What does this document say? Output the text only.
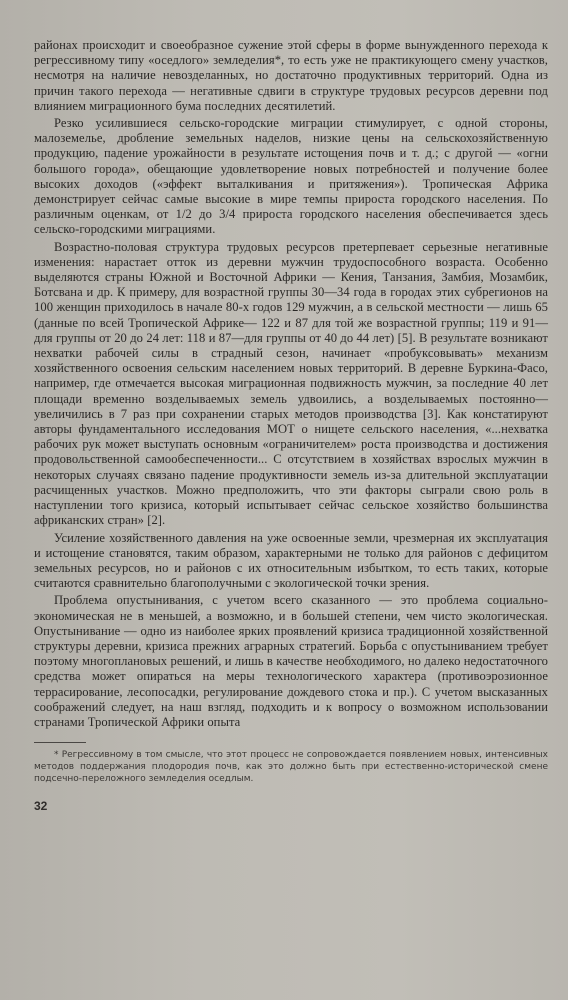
районах происходит и своеобразное сужение этой сферы в форме вынужденного перехода к регрессивному типу «оседлого» земледелия*, то есть уже не практикующего смену участков, несмотря на наличие невозделанных, но достаточно продуктивных территорий. Одна из причин такого перехода — негативные сдвиги в структуре трудовых ресурсов деревни под влиянием миграционного бума последних десятилетий.

Резко усилившиеся сельско-городские миграции стимулирует, с одной стороны, малоземелье, дробление земельных наделов, низкие цены на сельскохозяйственную продукцию, падение урожайности в результате истощения почв и т. д.; с другой — «огни большого города», обещающие удовлетворение новых потребностей и получение более высоких доходов («эффект выталкивания и притяжения»). Тропическая Африка демонстрирует сейчас самые высокие в мире темпы прироста городского населения. По различным оценкам, от 1/2 до 3/4 прироста городского населения обеспечивается здесь сельско-городскими миграциями.

Возрастно-половая структура трудовых ресурсов претерпевает серьезные негативные изменения: нарастает отток из деревни мужчин трудоспособного возраста. Особенно выделяются страны Южной и Восточной Африки — Кения, Танзания, Замбия, Мозамбик, Ботсвана и др. К примеру, для возрастной группы 30—34 года в городах этих субрегионов на 100 женщин приходилось в начале 80-х годов 129 мужчин, а в сельской местности — лишь 65 (данные по всей Тропической Африке— 122 и 87 для той же возрастной группы; 119 и 91—для группы от 20 до 24 лет: 118 и 87—для группы от 40 до 44 лет) [5]. В результате возникают нехватки рабочей силы в страдный сезон, начинает «пробуксовывать» механизм хозяйственного освоения сельским населением новых территорий. В деревне Буркина-Фасо, например, где отмечается высокая миграционная подвижность мужчин, за последние 40 лет площади временно возделываемых земель удвоились, а возделываемых постоянно—увеличились в 7 раз при сохранении старых методов производства [3]. Как констатируют авторы фундаментального исследования МОТ о нищете сельского населения, «...нехватка рабочих рук может выступать основным «ограничителем» роста производства и достижения продовольственной самообеспеченности... С отсутствием в хозяйствах взрослых мужчин в некоторых случаях связано падение продуктивности земель из-за длительной эксплуатации расчищенных участков. Можно предположить, что эти факторы сыграли свою роль в наступлении того кризиса, который испытывает сейчас сельское хозяйство большинства африканских стран» [2].

Усиление хозяйственного давления на уже освоенные земли, чрезмерная их эксплуатация и истощение становятся, таким образом, характерными не только для районов с дефицитом земельных ресурсов, но и районов с их относительным избытком, то есть таких, которые считаются сравнительно благополучными с экологической точки зрения.

Проблема опустынивания, с учетом всего сказанного — это проблема социально-экономическая не в меньшей, а возможно, и в большей степени, чем чисто экологическая. Опустынивание — одно из наиболее ярких проявлений кризиса традиционной хозяйственной структуры деревни, кризиса прежних аграрных стратегий. Борьба с опустыниванием требует поэтому многоплановых решений, и лишь в качестве необходимого, но далеко недостаточного средства может опираться на меры технологического характера (противоэрозионное террасирование, лесопосадки, регулирование дождевого стока и пр.). С учетом высказанных соображений следует, на наш взгляд, подходить и к вопросу о возможном использовании странами Тропической Африки опыта

* Регрессивному в том смысле, что этот процесс не сопровождается появлением новых, интенсивных методов поддержания плодородия почв, как это должно быть при естественно-исторической смене подсечно-переложного земледелия оседлым.

32
